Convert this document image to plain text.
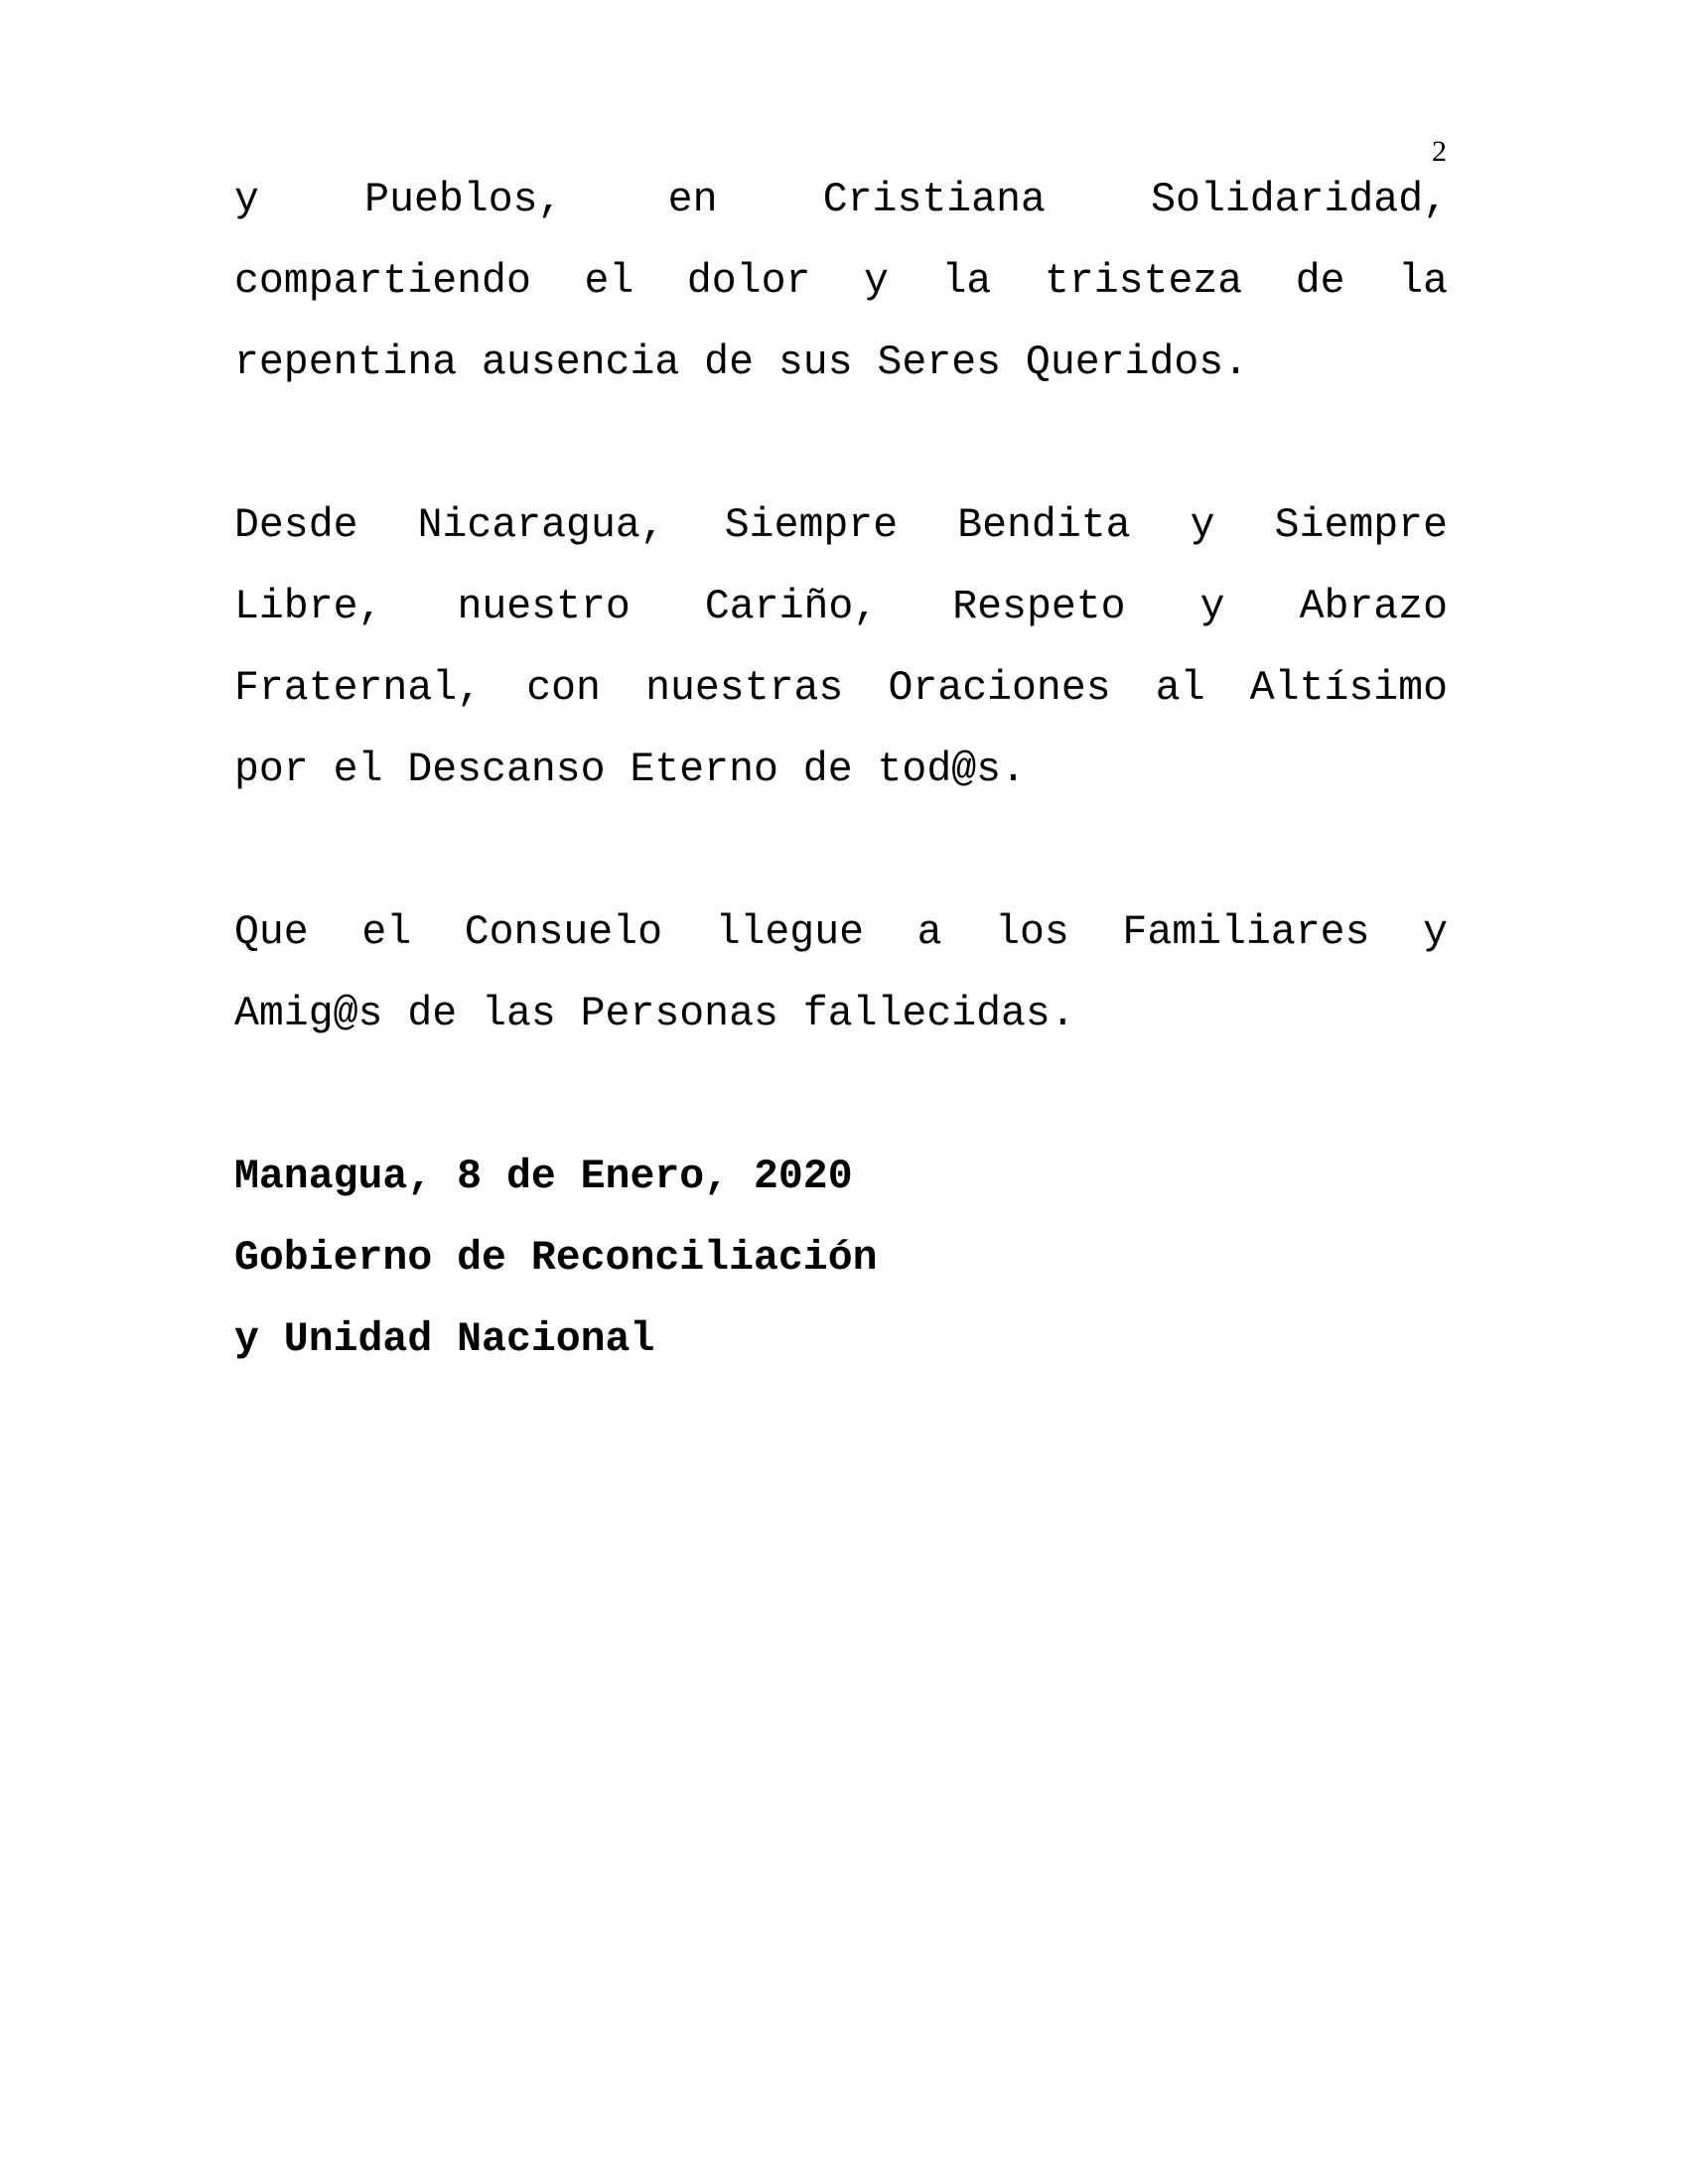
2
y Pueblos, en Cristiana Solidaridad,
compartiendo el dolor y la tristeza de la
repentina ausencia de sus Seres Queridos.
Desde Nicaragua, Siempre Bendita y Siempre
Libre, nuestro Cariño, Respeto y Abrazo
Fraternal, con nuestras Oraciones al Altísimo
por el Descanso Eterno de tod@s.
Que el Consuelo llegue a los Familiares y
Amig@s de las Personas fallecidas.
Managua, 8 de Enero, 2020
Gobierno de Reconciliación
y Unidad Nacional
